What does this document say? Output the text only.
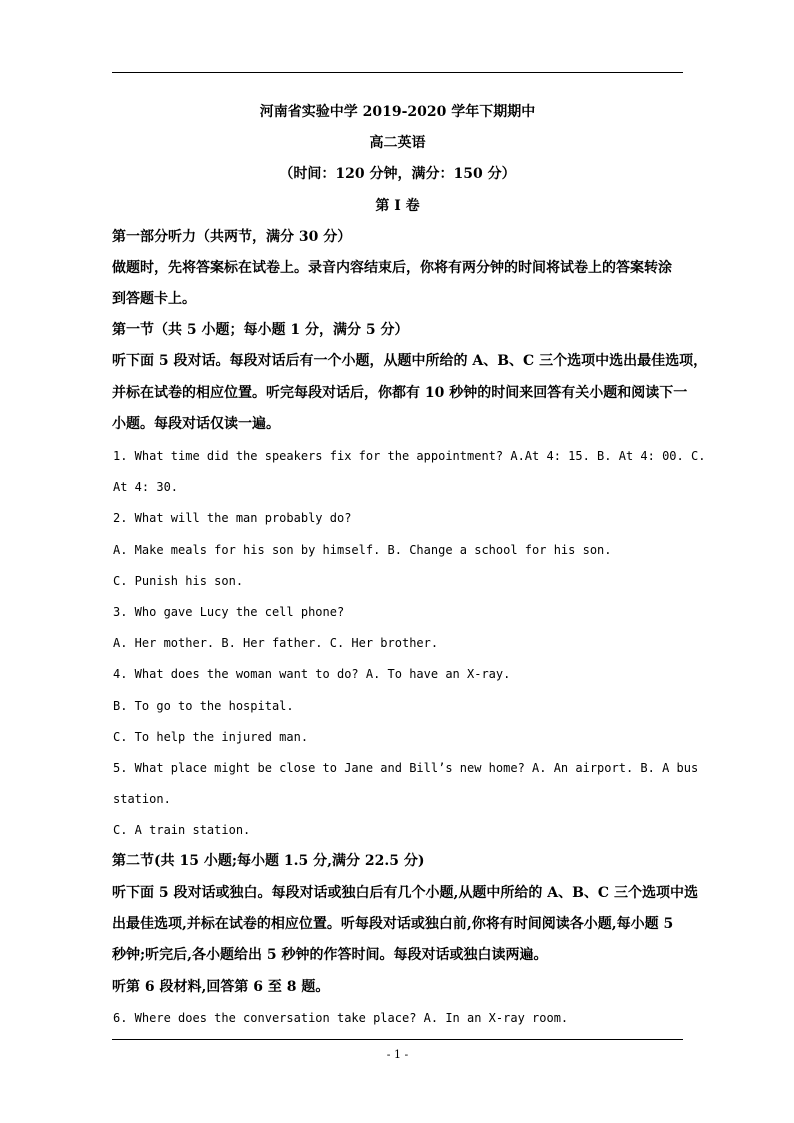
河南省实验中学 2019-2020 学年下期期中
高二英语
（时间：120 分钟，满分：150 分）
第 I 卷
第一部分听力（共两节，满分 30 分）
做题时，先将答案标在试卷上。录音内容结束后，你将有两分钟的时间将试卷上的答案转涂
到答题卡上。
第一节（共 5 小题；每小题 1 分，满分 5 分）
听下面 5 段对话。每段对话后有一个小题，从题中所给的 A、B、C 三个选项中选出最佳选项，
并标在试卷的相应位置。听完每段对话后，你都有 10 秒钟的时间来回答有关小题和阅读下一
小题。每段对话仅读一遍。
1. What time did the speakers fix for the appointment? A.At 4: 15. B. At 4: 00. C.
At 4: 30.
2. What will the man probably do?
A. Make meals for his son by himself. B. Change a school for his son.
C. Punish his son.
3. Who gave Lucy the cell phone?
A. Her mother. B. Her father. C. Her brother.
4. What does the woman want to do? A. To have an X-ray.
B. To go to the hospital.
C. To help the injured man.
5. What place might be close to Jane and Bill’s new home? A. An airport. B. A bus
station.
C. A train station.
第二节(共 15 小题;每小题 1.5 分,满分 22.5 分)
听下面 5 段对话或独白。每段对话或独白后有几个小题,从题中所给的 A、B、C 三个选项中选
出最佳选项,并标在试卷的相应位置。听每段对话或独白前,你将有时间阅读各小题,每小题 5
秒钟;听完后,各小题给出 5 秒钟的作答时间。每段对话或独白读两遍。
听第 6 段材料,回答第 6 至 8 题。
6. Where does the conversation take place? A. In an X-ray room.
- 1 -
